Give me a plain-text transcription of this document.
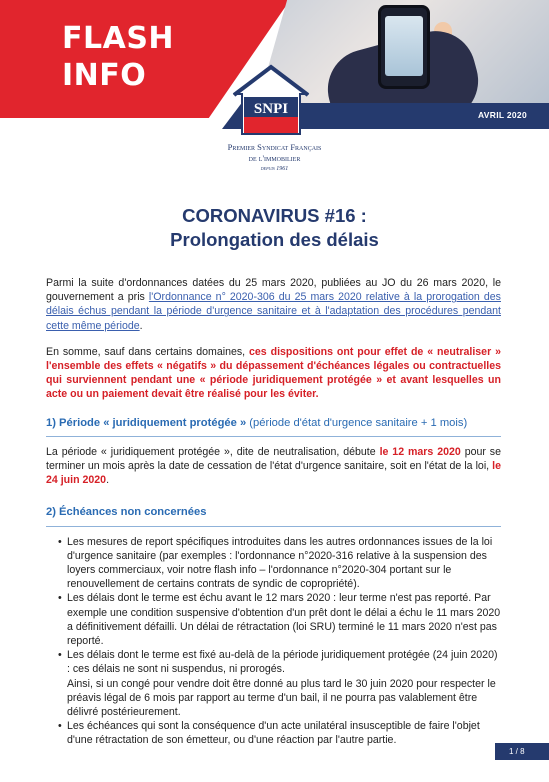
FLASH
INFO
AVRIL 2020
SNPI
Premier Syndicat Français
de l'immobilier
depuis 1961
CORONAVIRUS #16 :
Prolongation des délais

Parmi la suite d'ordonnances datées du 25 mars 2020, publiées au JO du 26 mars 2020, le gouvernement a pris l'Ordonnance n° 2020-306 du 25 mars 2020 relative à la prorogation des délais échus pendant la période d'urgence sanitaire et à l'adaptation des procédures pendant cette même période.

En somme, sauf dans certains domaines, ces dispositions ont pour effet de « neutraliser » l'ensemble des effets « négatifs » du dépassement d'échéances légales ou contractuelles qui surviennent pendant une « période juridiquement protégée » et avant lesquelles un acte ou un paiement devait être réalisé pour les éviter.

1) Période « juridiquement protégée » (période d'état d'urgence sanitaire + 1 mois)

La période « juridiquement protégée », dite de neutralisation, débute le 12 mars 2020 pour se terminer un mois après la date de cessation de l'état d'urgence sanitaire, soit en l'état de la loi, le 24 juin 2020.

2) Échéances non concernées
• Les mesures de report spécifiques introduites dans les autres ordonnances issues de la loi d'urgence sanitaire (par exemples : l'ordonnance n°2020-316 relative à la suspension des loyers commerciaux, voir notre flash info – l'ordonnance n°2020-304 portant sur le renouvellement de certains contrats de syndic de copropriété).
• Les délais dont le terme est échu avant le 12 mars 2020 : leur terme n'est pas reporté. Par exemple une condition suspensive d'obtention d'un prêt dont le délai a échu le 11 mars 2020 a définitivement défailli. Un délai de rétractation (loi SRU) terminé le 11 mars 2020 n'est pas reporté.
• Les délais dont le terme est fixé au-delà de la période juridiquement protégée (24 juin 2020) : ces délais ne sont ni suspendus, ni prorogés.
Ainsi, si un congé pour vendre doit être donné au plus tard le 30 juin 2020 pour respecter le préavis légal de 6 mois par rapport au terme d'un bail, il ne pourra pas valablement être délivré postérieurement.
• Les échéances qui sont la conséquence d'un acte unilatéral insusceptible de faire l'objet d'une rétractation de son émetteur, ou d'une réaction par l'autre partie.
1 / 8
